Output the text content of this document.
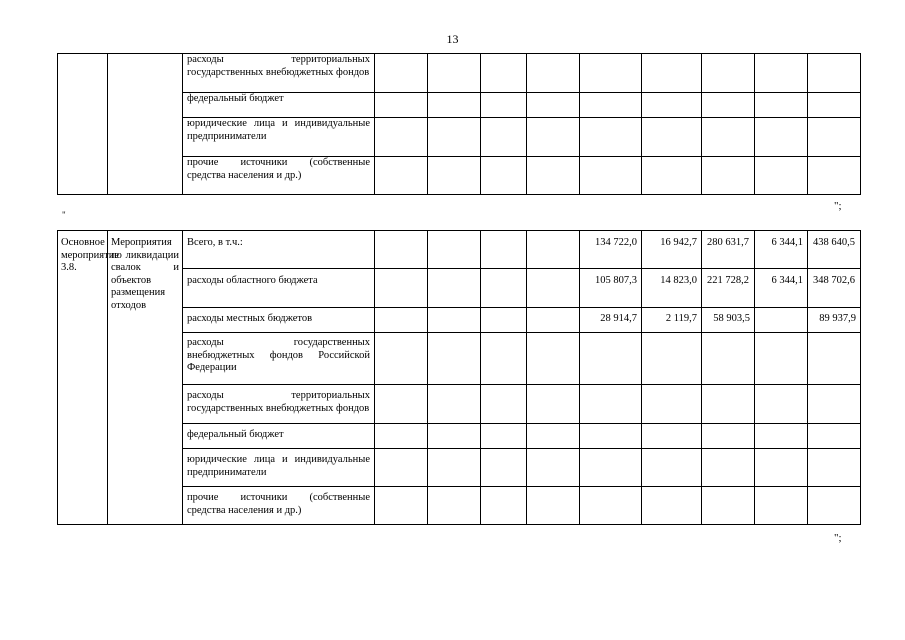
13
		расходы территориальных государственных внебюджетных фондов									
		федеральный бюджет									
		юридические лица и индивидуальные предприниматели									
		прочие источники (собственные средства населения и др.)									
";
"
Основное мероприятие 3.8.	Мероприятия по ликвидации свалок и объектов размещения отходов	Всего, в т.ч.:					134 722,0	16 942,7	280 631,7	6 344,1	438 640,5
		расходы областного бюджета					105 807,3	14 823,0	221 728,2	6 344,1	348 702,6
		расходы местных бюджетов					28 914,7	2 119,7	58 903,5		89 937,9
		расходы государственных внебюджетных фондов Российской Федерации									
		расходы территориальных государственных внебюджетных фондов									
		федеральный бюджет									
		юридические лица и индивидуальные предприниматели									
		прочие источники (собственные средства населения и др.)									
";
